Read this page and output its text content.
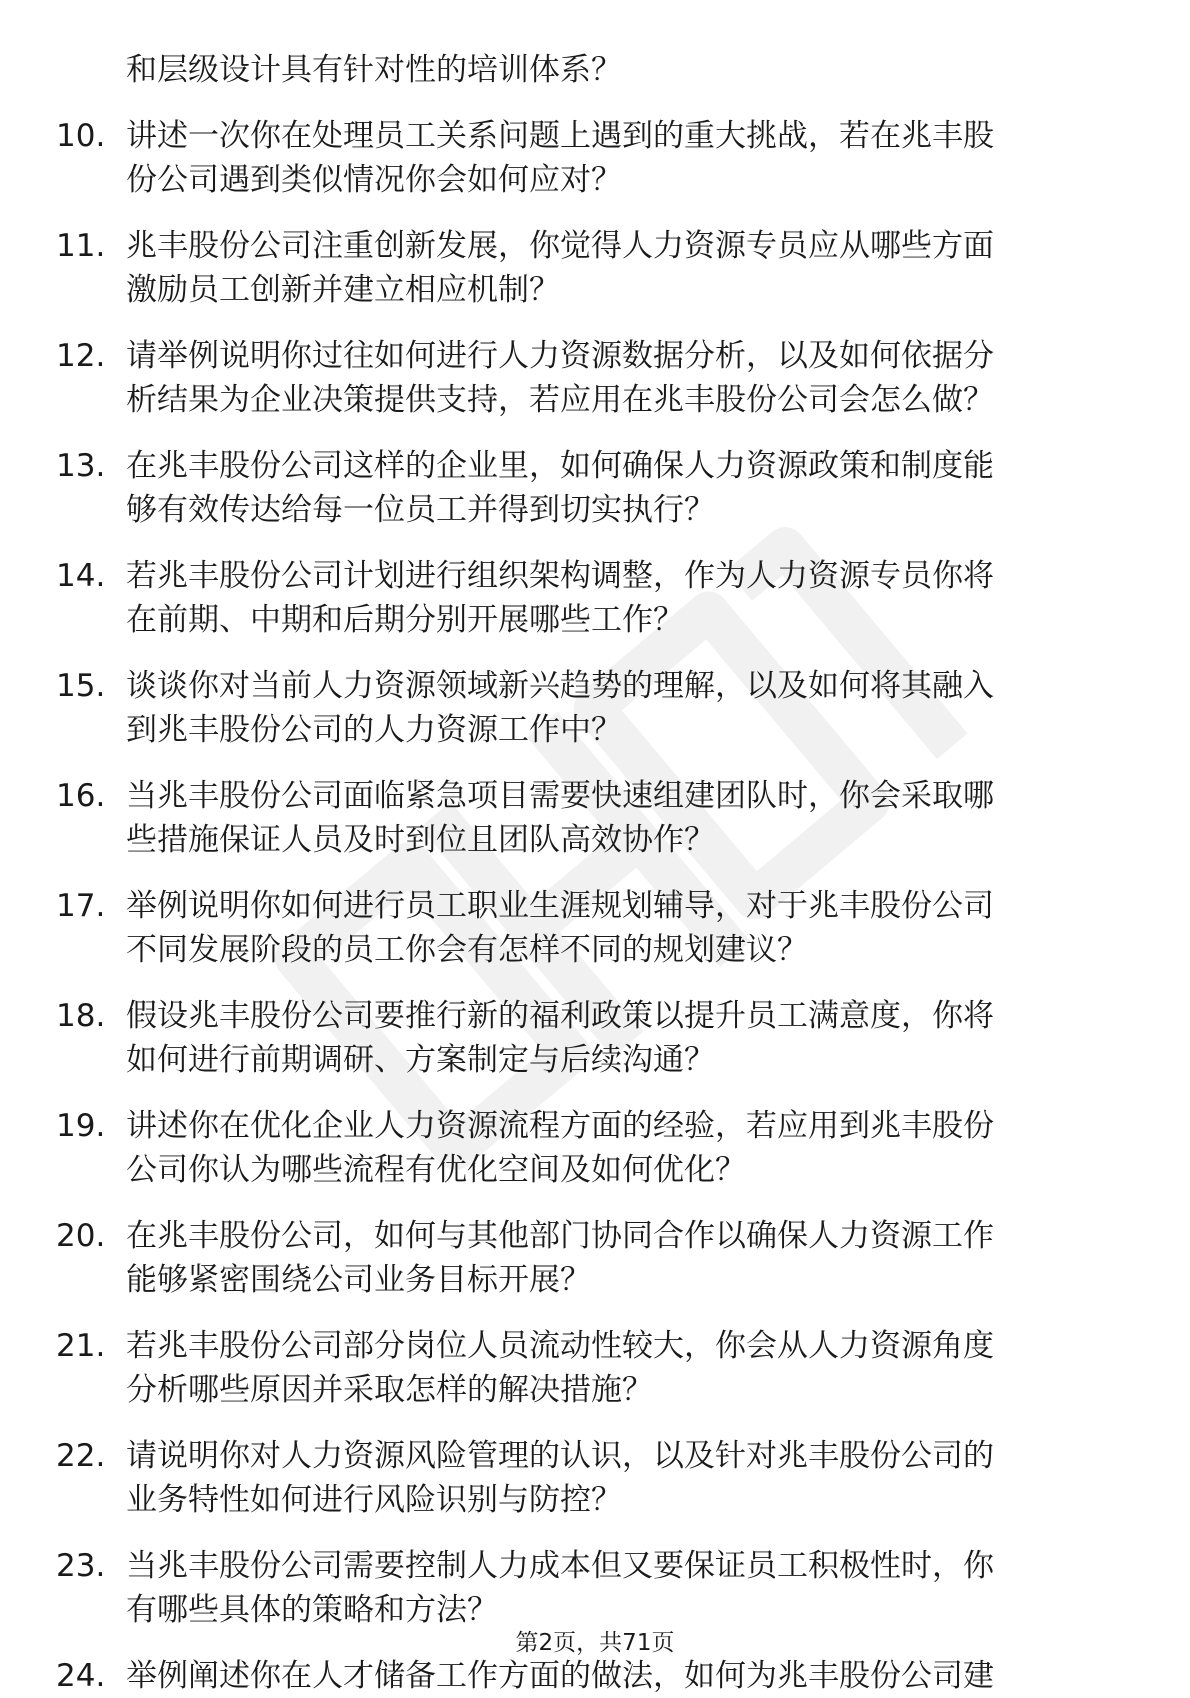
和层级设计具有针对性的培训体系？
10. 讲述一次你在处理员工关系问题上遇到的重大挑战，若在兆丰股
份公司遇到类似情况你会如何应对？
11. 兆丰股份公司注重创新发展，你觉得人力资源专员应从哪些方面
激励员工创新并建立相应机制？
12. 请举例说明你过往如何进行人力资源数据分析，以及如何依据分
析结果为企业决策提供支持，若应用在兆丰股份公司会怎么做？
13. 在兆丰股份公司这样的企业里，如何确保人力资源政策和制度能
够有效传达给每一位员工并得到切实执行？
14. 若兆丰股份公司计划进行组织架构调整，作为人力资源专员你将
在前期、中期和后期分别开展哪些工作？
15. 谈谈你对当前人力资源领域新兴趋势的理解，以及如何将其融入
到兆丰股份公司的人力资源工作中？
16. 当兆丰股份公司面临紧急项目需要快速组建团队时，你会采取哪
些措施保证人员及时到位且团队高效协作？
17. 举例说明你如何进行员工职业生涯规划辅导，对于兆丰股份公司
不同发展阶段的员工你会有怎样不同的规划建议？
18. 假设兆丰股份公司要推行新的福利政策以提升员工满意度，你将
如何进行前期调研、方案制定与后续沟通？
19. 讲述你在优化企业人力资源流程方面的经验，若应用到兆丰股份
公司你认为哪些流程有优化空间及如何优化？
20. 在兆丰股份公司，如何与其他部门协同合作以确保人力资源工作
能够紧密围绕公司业务目标开展？
21. 若兆丰股份公司部分岗位人员流动性较大，你会从人力资源角度
分析哪些原因并采取怎样的解决措施？
22. 请说明你对人力资源风险管理的认识，以及针对兆丰股份公司的
业务特性如何进行风险识别与防控？
23. 当兆丰股份公司需要控制人力成本但又要保证员工积极性时，你
有哪些具体的策略和方法？
24. 举例阐述你在人才储备工作方面的做法，如何为兆丰股份公司建
第2页，共71页
